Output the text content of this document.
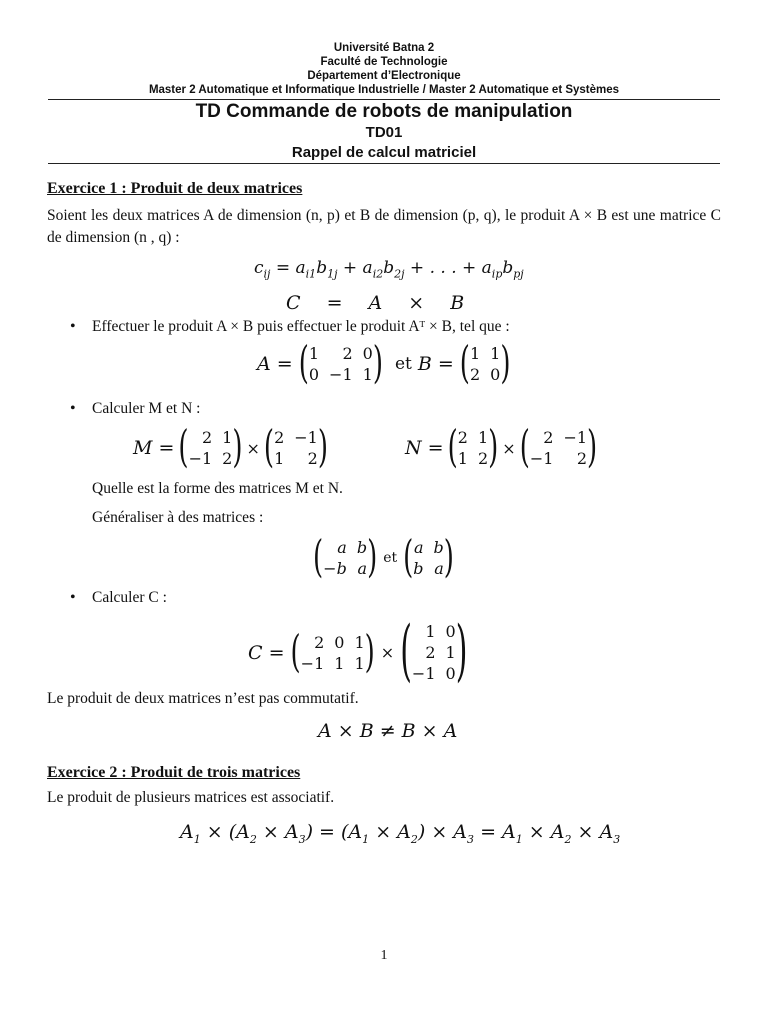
Université Batna 2
Faculté de Technologie
Département d’Electronique
Master 2 Automatique et Informatique Industrielle / Master 2 Automatique et Systèmes
TD Commande de robots de manipulation
TD01
Rappel de calcul matriciel
Exercice 1 : Produit de deux matrices
Soient les deux matrices A de dimension (n, p) et B de dimension (p, q), le produit A × B est une matrice C de dimension (n , q) :
$c_{ij} = a_{i1}b_{1j} + a_{i2}b_{2j}$ + . . . + $a_{ip}b_{pj}$
C = A × B
• Effectuer le produit A × B puis effectuer le produit Aᵀ × B, tel que :
A = ( 1	2 0
0 −1 1 ) et B = ( 1 1
2 0 )
• Calculer M et N :
M = ( 2 1
−1 2 ) × ( 2 −1
1	2 )	N = ( 2 1
1 2 ) × ( 2 −1
−1	2 )
Quelle est la forme des matrices M et N.
Généraliser à des matrices :
( a b
−b a ) et ( a b
b a )
• Calculer C :
C = ( 2 0 1
−1 1 1 ) × ( 1 0
2 1
−1 0 )
Le produit de deux matrices n’est pas commutatif.
A × B ≠ B × A
Exercice 2 : Produit de trois matrices
Le produit de plusieurs matrices est associatif.
$A_1 \times (A_2 \times A_3) = (A_1 \times A_2) \times A_3 = A_1 \times A_2 \times A_3$
1
